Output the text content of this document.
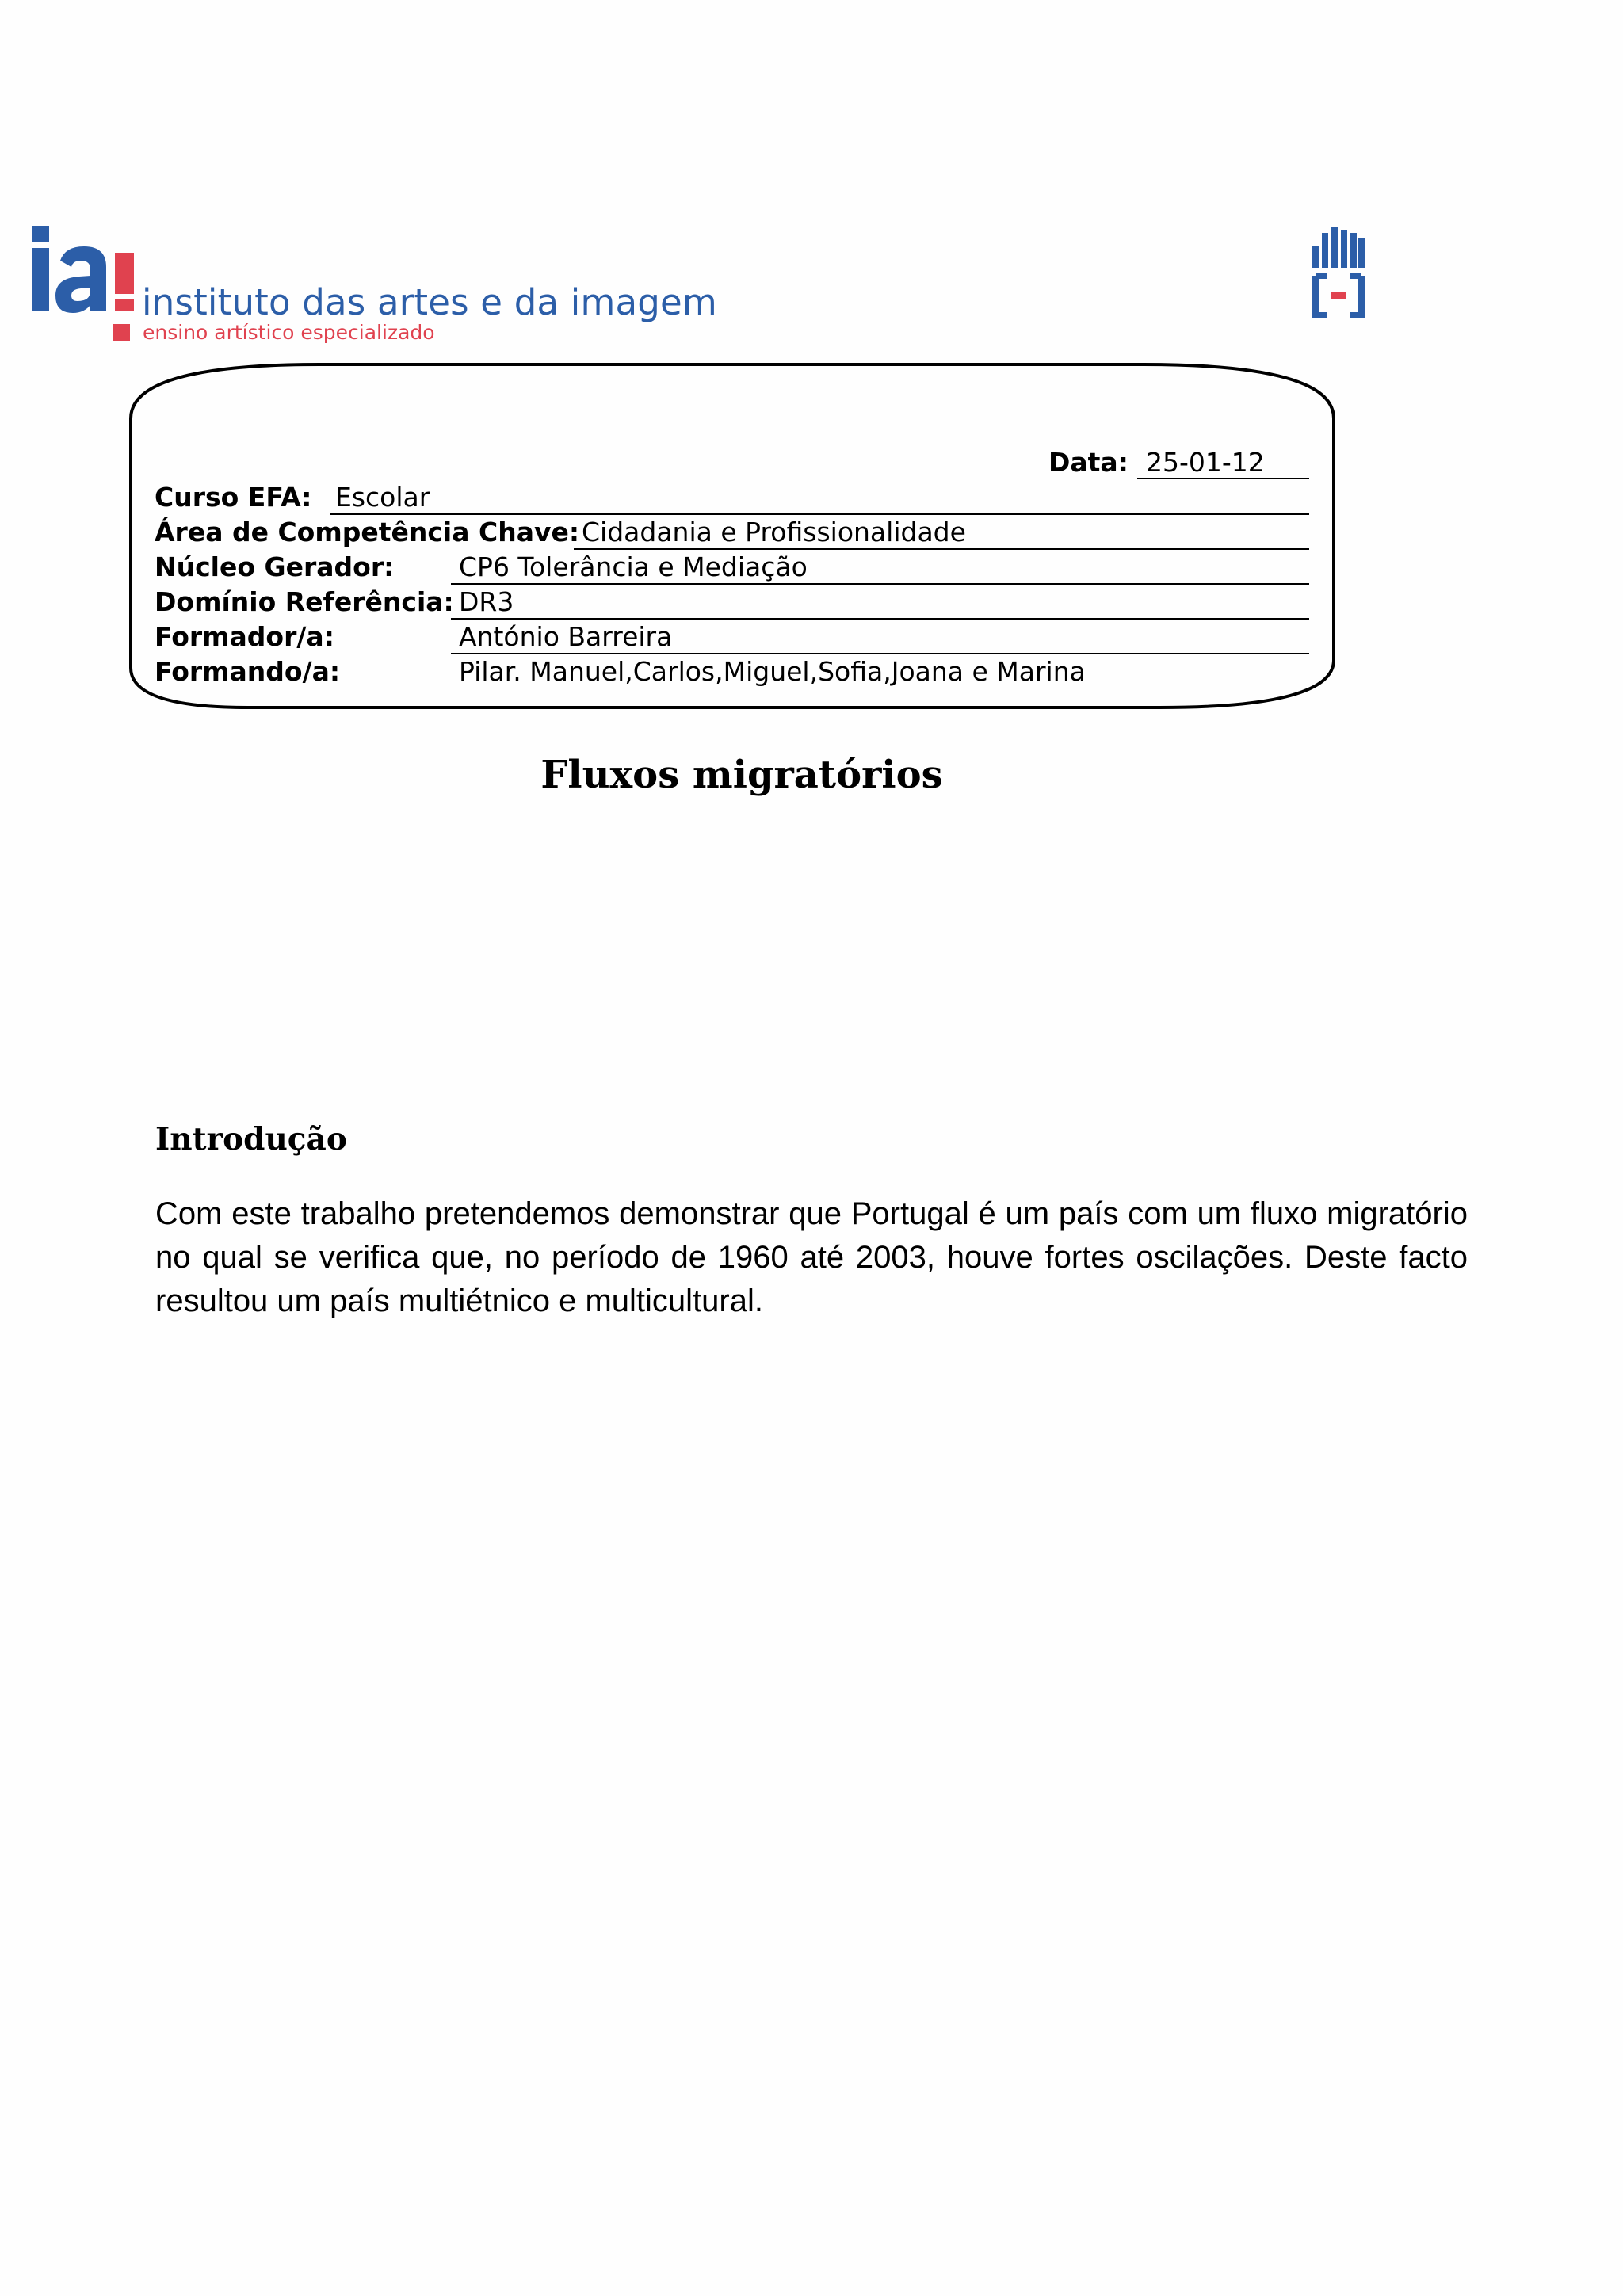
instituto das artes e da imagem
ensino artístico especializado
Data: 25-01-12
Curso EFA: Escolar
Área de Competência Chave: Cidadania e Profissionalidade
Núcleo Gerador: CP6 Tolerância e Mediação
Domínio Referência: DR3
Formador/a:	António Barreira
Formando/a:	Pilar. Manuel,Carlos,Miguel,Sofia,Joana e Marina
Fluxos migratórios
Introdução
Com este trabalho pretendemos demonstrar que Portugal é um país com um fluxo migratório no qual se verifica que, no período de 1960 até 2003, houve fortes oscilações. Deste facto resultou um país multiétnico e multicultural.
